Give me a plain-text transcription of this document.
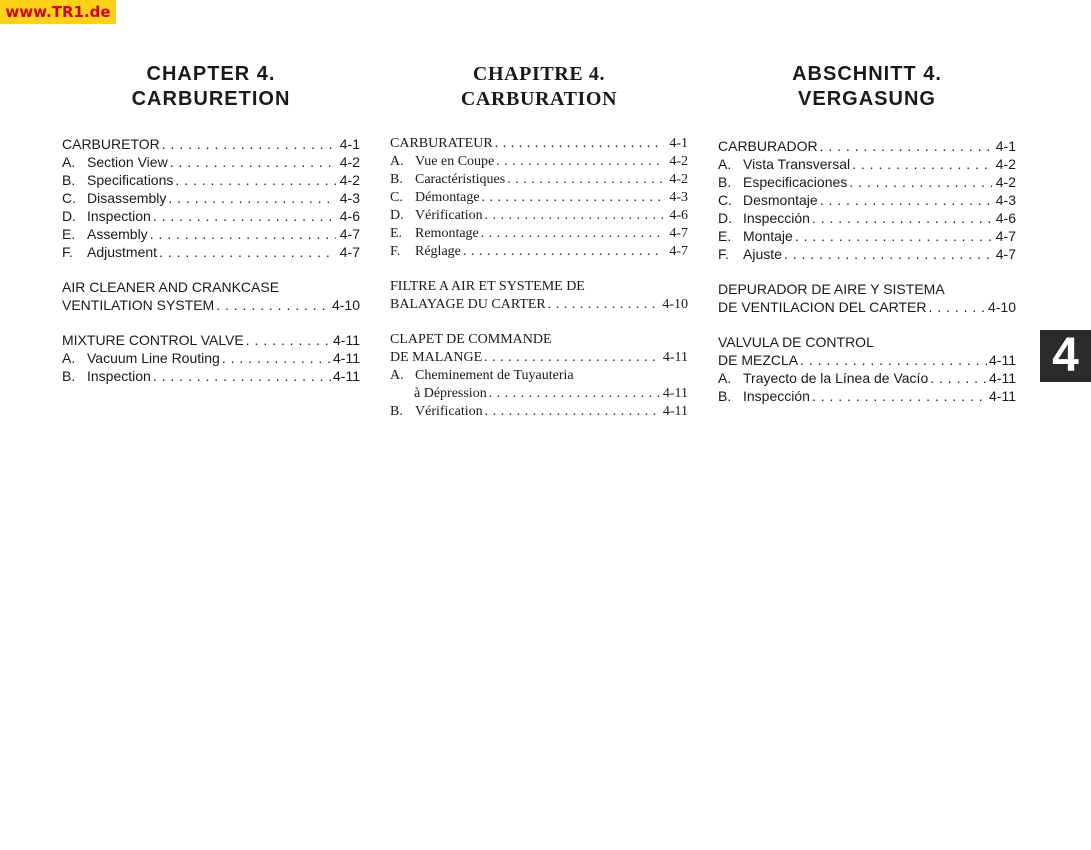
www.TR1.de
CHAPTER 4.
CARBURETION
CARBURETOR . . .	4-1
A. Section View . . .	4-2
B. Specifications . . .	4-2
C. Disassembly . . .	4-3
D. Inspection . . .	4-6
E. Assembly . . .	4-7
F. Adjustment . . .	4-7
AIR CLEANER AND CRANKCASE
VENTILATION SYSTEM . . .	4-10
MIXTURE CONTROL VALVE . . .	4-11
A. Vacuum Line Routing . . .	4-11
B. Inspection . . .	4-11
CHAPITRE 4.
CARBURATION
CARBURATEUR . . .	4-1
A. Vue en Coupe . . .	4-2
B. Caractéristiques . . .	4-2
C. Démontage . . .	4-3
D. Vérification . . .	4-6
E. Remontage . . .	4-7
F. Réglage . . .	4-7
FILTRE A AIR ET SYSTEME DE
BALAYAGE DU CARTER . . .	4-10
CLAPET DE COMMANDE
DE MALANGE . . .	4-11
A. Cheminement de Tuyauteria
à Dépression . . .	4-11
B. Vérification . . .	4-11
ABSCHNITT 4.
VERGASUNG
CARBURADOR . . .	4-1
A. Vista Transversal . . .	4-2
B. Especificaciones . . .	4-2
C. Desmontaje . . .	4-3
D. Inspección . . .	4-6
E. Montaje . . .	4-7
F. Ajuste . . .	4-7
DEPURADOR DE AIRE Y SISTEMA
DE VENTILACION DEL CARTER . . .	4-10
VALVULA DE CONTROL
DE MEZCLA . . .	4-11
A. Trayecto de la Línea de Vacío . . .	4-11
B. Inspección . . .	4-11
4
